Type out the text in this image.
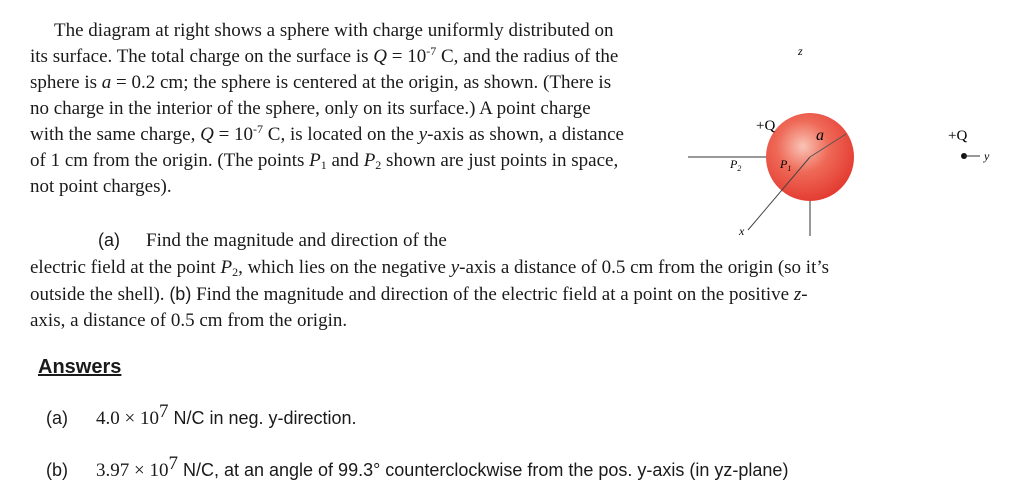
The diagram at right shows a sphere with charge uniformly distributed on
its surface. The total charge on the surface is $Q = 10^{-7}$ C, and the radius of the
sphere is a = 0.2 cm; the sphere is centered at the origin, as shown. (There is
no charge in the interior of the sphere, only on its surface.) A point charge
with the same charge, $Q = 10^{-7}$ C, is located on the y-axis as shown, a distance
of 1 cm from the origin. (The points $P_1$ and $P_2$ shown are just points in space,
not point charges).
z
+Q
a
$P_2$	$P_1$
x
+Q
y
(a) Find the magnitude and direction of the
electric field at the point $P_2$, which lies on the negative y-axis a distance of 0.5 cm from the origin (so it’s
outside the shell). (b) Find the magnitude and direction of the electric field at a point on the positive z-
axis, a distance of 0.5 cm from the origin.
Answers
(a) $4.0 \times 10^7$ N/C in neg. y-direction.
(b) $3.97 \times 10^7$ N/C, at an angle of 99.3° counterclockwise from the pos. y-axis (in yz-plane)
